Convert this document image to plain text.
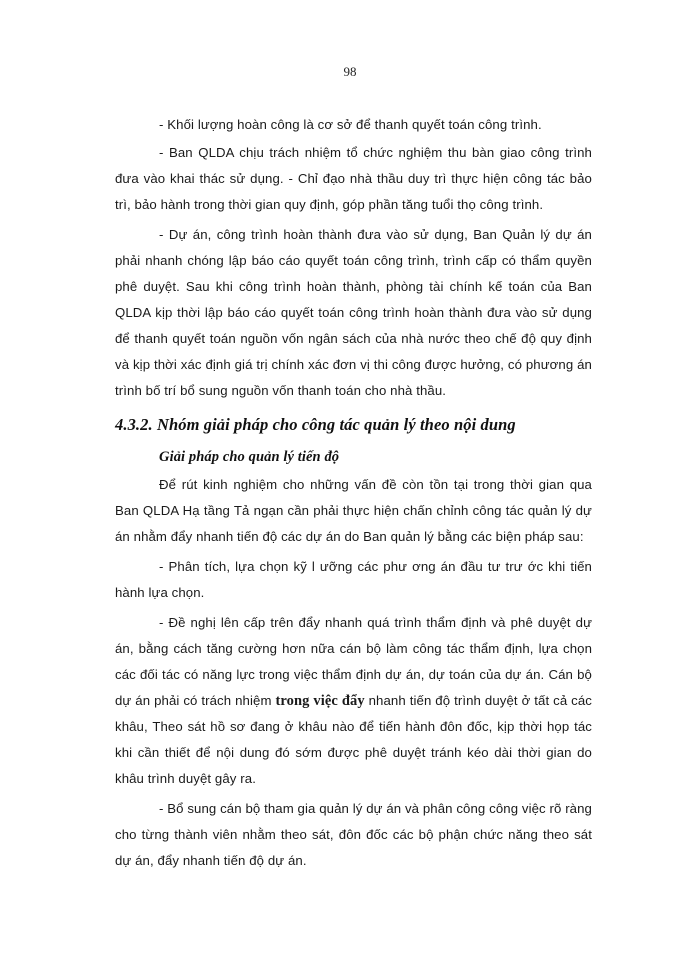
98

- Khối lượng hoàn công là cơ sở để thanh quyết toán công trình.

- Ban QLDA chịu trách nhiệm tổ chức nghiệm thu bàn giao công trình đưa vào khai thác sử dụng. - Chỉ đạo nhà thầu duy trì thực hiện công tác bảo trì, bảo hành trong thời gian quy định, góp phần tăng tuổi thọ công trình.

- Dự án, công trình hoàn thành đưa vào sử dụng, Ban Quản lý dự án phải nhanh chóng lập báo cáo quyết toán công trình, trình cấp có thẩm quyền phê duyệt. Sau khi công trình hoàn thành, phòng tài chính kế toán của Ban QLDA kịp thời lập báo cáo quyết toán công trình hoàn thành đưa vào sử dụng để thanh quyết toán nguồn vốn ngân sách của nhà nước theo chế độ quy định và kịp thời xác định giá trị chính xác đơn vị thi công được hưởng, có phương án trình bố trí bổ sung nguồn vốn thanh toán cho nhà thầu.

4.3.2. Nhóm giải pháp cho công tác quản lý theo nội dung
Giải pháp cho quản lý tiến độ

Để rút kinh nghiệm cho những vấn đề còn tồn tại trong thời gian qua Ban QLDA Hạ tầng Tả ngạn cần phải thực hiện chấn chỉnh công tác quản lý dự án nhằm đẩy nhanh tiến độ các dự án do Ban quản lý bằng các biện pháp sau:

- Phân tích, lựa chọn kỹ l ưỡng các phư ơng án đầu tư trư ớc khi tiến hành lựa chọn.

- Đề nghị lên cấp trên đẩy nhanh quá trình thẩm định và phê duyệt dự án, bằng cách tăng cường hơn nữa cán bộ làm công tác thẩm định, lựa chọn các đối tác có năng lực trong việc thẩm định dự án, dự toán của dự án. Cán bộ dự án phải có trách nhiệm trong việc đẩy nhanh tiến độ trình duyệt ở tất cả các khâu, Theo sát hồ sơ đang ở khâu nào để tiến hành đôn đốc, kịp thời họp tác khi cần thiết để nội dung đó sớm được phê duyệt tránh kéo dài thời gian do khâu trình duyệt gây ra.

- Bổ sung cán bộ tham gia quản lý dự án và phân công công việc rõ ràng cho từng thành viên nhằm theo sát, đôn đốc các bộ phận chức năng theo sát dự án, đẩy nhanh tiến độ dự án.
